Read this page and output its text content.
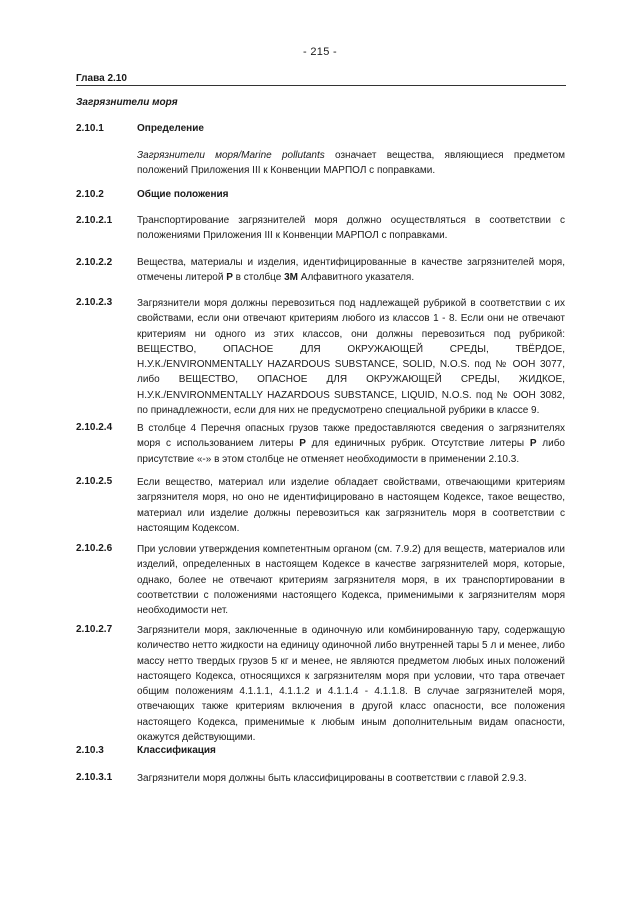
- 215 -
Глава 2.10
Загрязнители моря
2.10.1	Определение
Загрязнители моря/Marine pollutants означает вещества, являющиеся предметом положений Приложения III к Конвенции МАРПОЛ с поправками.
2.10.2	Общие положения
2.10.2.1 Транспортирование загрязнителей моря должно осуществляться в соответствии с положениями Приложения III к Конвенции МАРПОЛ с поправками.
2.10.2.2 Вещества, материалы и изделия, идентифицированные в качестве загрязнителей моря, отмечены литерой P в столбце 3М Алфавитного указателя.
2.10.2.3 Загрязнители моря должны перевозиться под надлежащей рубрикой в соответствии с их свойствами, если они отвечают критериям любого из классов 1 - 8. Если они не отвечают критериям ни одного из этих классов, они должны перевозиться под рубрикой: ВЕЩЕСТВО, ОПАСНОЕ ДЛЯ ОКРУЖАЮЩЕЙ СРЕДЫ, ТВЁРДОЕ, Н.У.К./ENVIRONMENTALLY HAZARDOUS SUBSTANCE, SOLID, N.O.S. под № ООН 3077, либо ВЕЩЕСТВО, ОПАСНОЕ ДЛЯ ОКРУЖАЮЩЕЙ СРЕДЫ, ЖИДКОЕ, Н.У.К./ENVIRONMENTALLY HAZARDOUS SUBSTANCE, LIQUID, N.O.S. под № ООН 3082, по принадлежности, если для них не предусмотрено специальной рубрики в классе 9.
2.10.2.4 В столбце 4 Перечня опасных грузов также предоставляются сведения о загрязнителях моря с использованием литеры P для единичных рубрик. Отсутствие литеры P либо присутствие «-» в этом столбце не отменяет необходимости в применении 2.10.3.
2.10.2.5 Если вещество, материал или изделие обладает свойствами, отвечающими критериям загрязнителя моря, но оно не идентифицировано в настоящем Кодексе, такое вещество, материал или изделие должны перевозиться как загрязнитель моря в соответствии с настоящим Кодексом.
2.10.2.6 При условии утверждения компетентным органом (см. 7.9.2) для веществ, материалов или изделий, определенных в настоящем Кодексе в качестве загрязнителей моря, которые, однако, более не отвечают критериям загрязнителя моря, в их транспортировании в соответствии с положениями настоящего Кодекса, применимыми к загрязнителям моря необходимости нет.
2.10.2.7 Загрязнители моря, заключенные в одиночную или комбинированную тару, содержащую количество нетто жидкости на единицу одиночной либо внутренней тары 5 л и менее, либо массу нетто твердых грузов 5 кг и менее, не являются предметом любых иных положений настоящего Кодекса, относящихся к загрязнителям моря при условии, что тара отвечает общим положениям 4.1.1.1, 4.1.1.2 и 4.1.1.4 - 4.1.1.8. В случае загрязнителей моря, отвечающих также критериям включения в другой класс опасности, все положения настоящего Кодекса, применимые к любым иным дополнительным видам опасности, окажутся действующими.
2.10.3	Классификация
2.10.3.1 Загрязнители моря должны быть классифицированы в соответствии с главой 2.9.3.
